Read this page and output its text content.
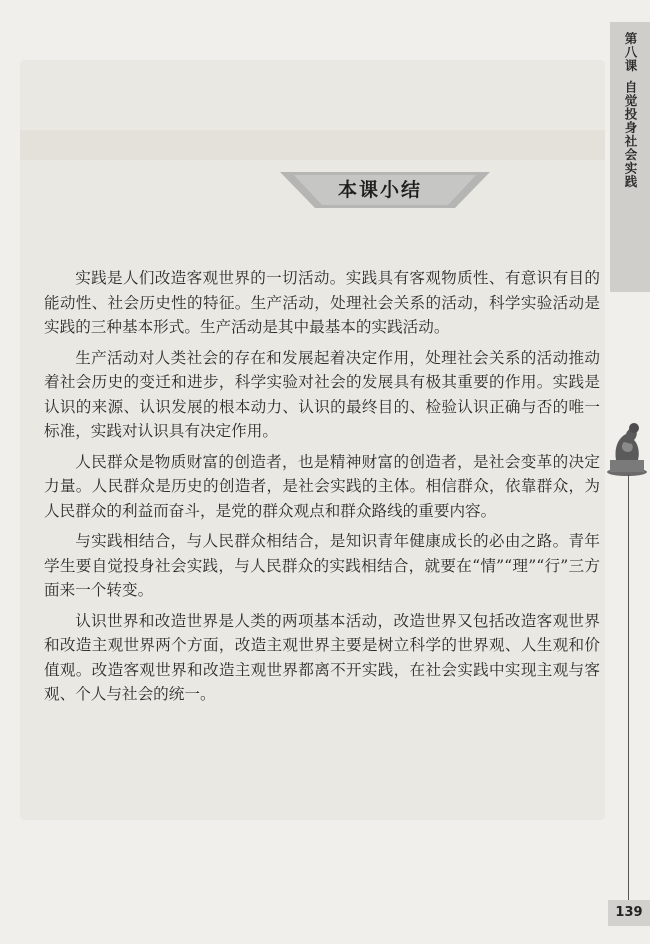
第八课自觉投身社会实践
本课小结

实践是人们改造客观世界的一切活动。实践具有客观物质性、有意识有目的能动性、社会历史性的特征。生产活动，处理社会关系的活动，科学实验活动是实践的三种基本形式。生产活动是其中最基本的实践活动。

生产活动对人类社会的存在和发展起着决定作用，处理社会关系的活动推动着社会历史的变迁和进步，科学实验对社会的发展具有极其重要的作用。实践是认识的来源、认识发展的根本动力、认识的最终目的、检验认识正确与否的唯一标准，实践对认识具有决定作用。

人民群众是物质财富的创造者，也是精神财富的创造者，是社会变革的决定力量。人民群众是历史的创造者，是社会实践的主体。相信群众，依靠群众，为人民群众的利益而奋斗，是党的群众观点和群众路线的重要内容。

与实践相结合，与人民群众相结合，是知识青年健康成长的必由之路。青年学生要自觉投身社会实践，与人民群众的实践相结合，就要在“情”“理”“行”三方面来一个转变。

认识世界和改造世界是人类的两项基本活动，改造世界又包括改造客观世界和改造主观世界两个方面，改造主观世界主要是树立科学的世界观、人生观和价值观。改造客观世界和改造主观世界都离不开实践，在社会实践中实现主观与客观、个人与社会的统一。

139
